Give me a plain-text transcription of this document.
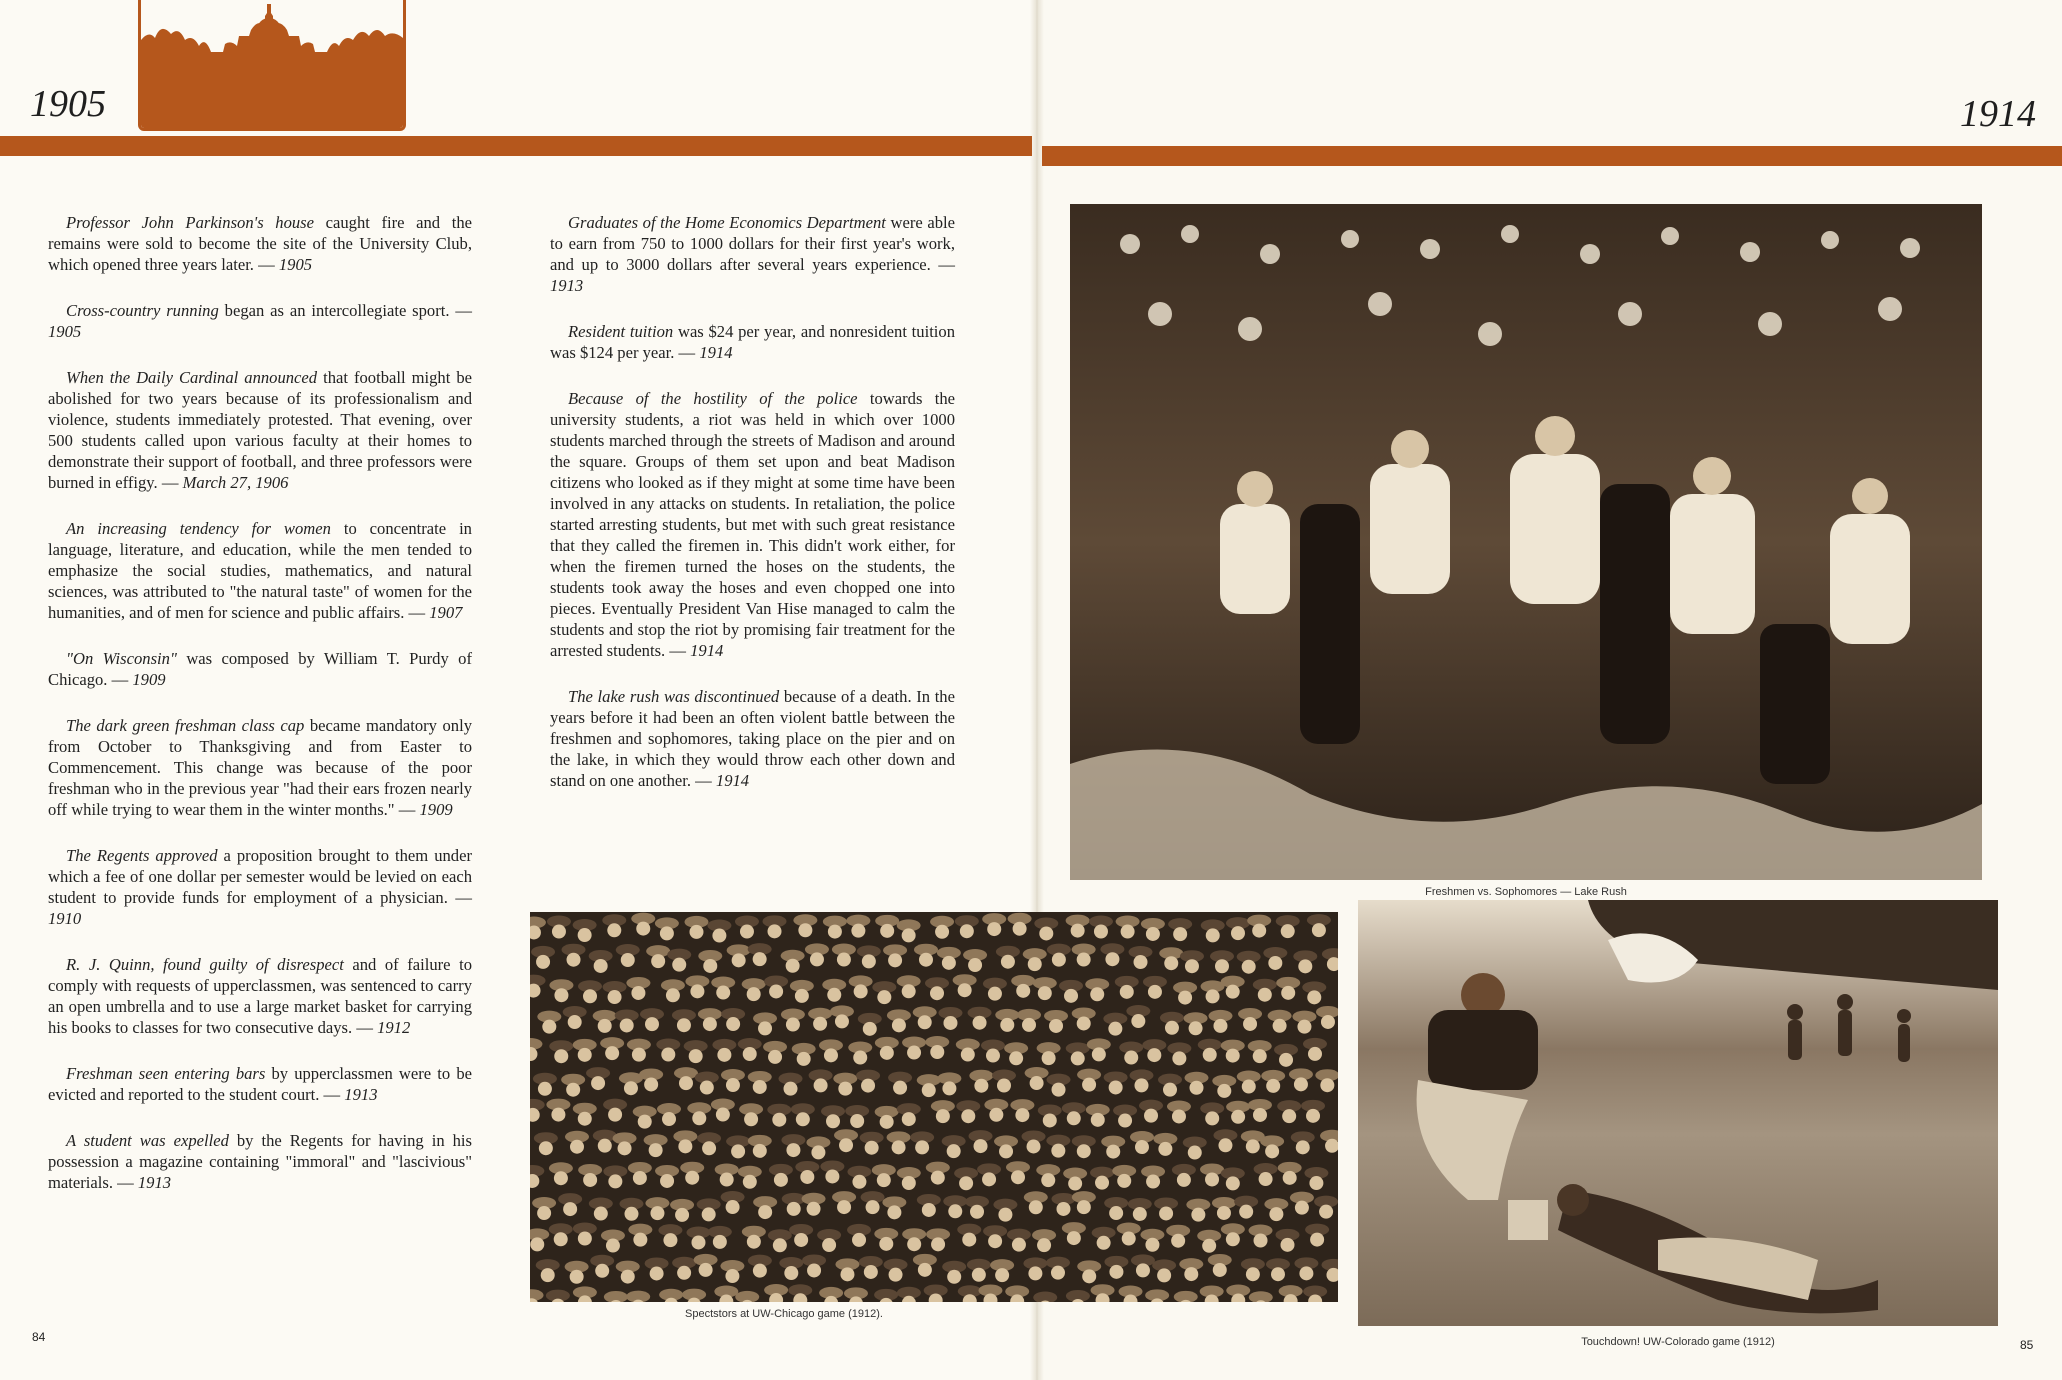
1905	1914

Professor John Parkinson's house caught fire and the remains were sold to become the site of the University Club, which opened three years later. — 1905

Cross-country running began as an intercollegiate sport. — 1905

When the Daily Cardinal announced that football might be abolished for two years because of its professionalism and violence, students immediately protested. That evening, over 500 students called upon various faculty at their homes to demonstrate their support of football, and three professors were burned in effigy. — March 27, 1906

An increasing tendency for women to concentrate in language, literature, and education, while the men tended to emphasize the social studies, mathematics, and natural sciences, was attributed to "the natural taste" of women for the humanities, and of men for science and public affairs. — 1907

"On Wisconsin" was composed by William T. Purdy of Chicago. — 1909

The dark green freshman class cap became mandatory only from October to Thanksgiving and from Easter to Commencement. This change was because of the poor freshman who in the previous year "had their ears frozen nearly off while trying to wear them in the winter months." — 1909

The Regents approved a proposition brought to them under which a fee of one dollar per semester would be levied on each student to provide funds for employment of a physician. — 1910

R. J. Quinn, found guilty of disrespect and of failure to comply with requests of upperclassmen, was sentenced to carry an open umbrella and to use a large market basket for carrying his books to classes for two consecutive days. — 1912

Freshman seen entering bars by upperclassmen were to be evicted and reported to the student court. — 1913

A student was expelled by the Regents for having in his possession a magazine containing "immoral" and "lascivious" materials. — 1913

Graduates of the Home Economics Department were able to earn from 750 to 1000 dollars for their first year's work, and up to 3000 dollars after several years experience. — 1913

Resident tuition was $24 per year, and nonresident tuition was $124 per year. — 1914

Because of the hostility of the police towards the university students, a riot was held in which over 1000 students marched through the streets of Madison and around the square. Groups of them set upon and beat Madison citizens who looked as if they might at some time have been involved in any attacks on students. In retaliation, the police started arresting students, but met with such great resistance that they called the firemen in. This didn't work either, for when the firemen turned the hoses on the students, the students took away the hoses and even chopped one into pieces. Eventually President Van Hise managed to calm the students and stop the riot by promising fair treatment for the arrested students. — 1914

The lake rush was discontinued because of a death. In the years before it had been an often violent battle between the freshmen and sophomores, taking place on the pier and on the lake, in which they would throw each other down and stand on one another. — 1914

Freshmen vs. Sophomores — Lake Rush
Spectstors at UW-Chicago game (1912).
Touchdown! UW-Colorado game (1912)
84
85
